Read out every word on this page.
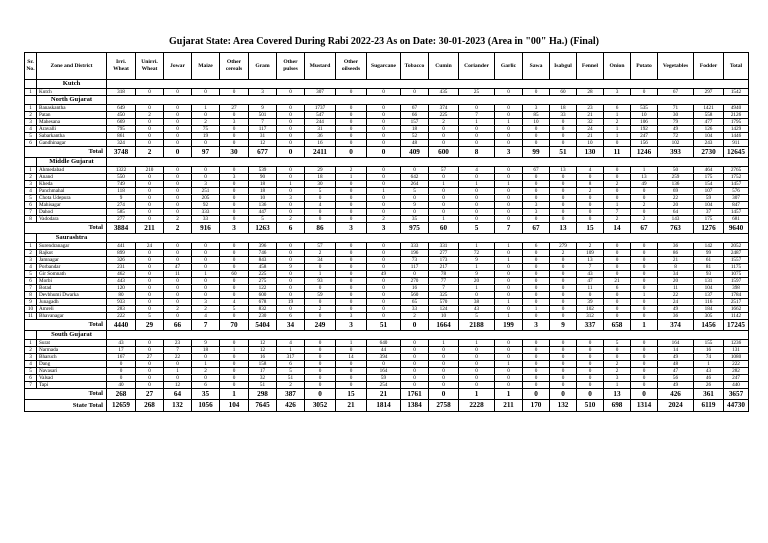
Gujarat State: Area Covered During Rabi 2022-23 As on Date: 30-01-2023 (Area in "00" Ha.) (Final)
Sr. No.	Zone and District	Irri. Wheat	Unirri. Wheat	Jowar	Maize	Other cereals	Gram	Other pulses	Mustard	Other oilseeds	Sugarcane	Tobacco	Cumin	Coriander	Garlic	Sawa	Isabgul	Fennel	Onion	Potato	Vegetables	Fodder	Total
	Kutch																						
1	Kutch	318	0	0	0	0	3	0	307	0	0	0	435	25	0	0	60	28	3	0	67	297	1542
	North Gujarat																						
1	Banaskantha	649	0	0	1	27	9	0	1737	0	0	67	374	0	0	3	18	23	6	535	71	1421	4940
2	Patan	450	2	0	0	0	501	0	547	0	0	66	225	7	0	85	33	21	1	10	30	558	2126
3	Mahesana	669	0	0	2	3	7	0	244	0	0	157	2	1	1	10	0	32	2	106	79	477	1795
4	Aravalli	795	0	0	75	0	117	0	31	0	0	18	0	0	0	0	0	24	1	192	49	126	1429
5	Sabarkantha	861	0	0	19	0	31	0	36	0	0	52	0	0	0	0	0	21	1	247	72	104	1446
6	Gandhinagar	324	0	0	0	0	12	0	16	0	0	48	0	0	0	0	0	10	0	156	102	243	911
Total		3748	2	0	97	30	677	0	2411	0	0	409	600	8	3	99	51	130	11	1246	393	2730	12645
	Middle Gujarat																						
1	Ahmedabad	1322	210	0	0	0	539	0	29	2	0	0	57	4	0	67	13	4	0	1	50	464	2765
2	Anand	550	0	0	0	3	90	0	18	1	0	642	0	0	0	0	0	0	0	13	259	175	1752
3	Kheda	749	0	0	3	0	18	1	30	0	0	264	1	1	1	0	0	8	2	49	136	154	1457
4	Panchmahal	118	0	0	251	0	18	0	5	0	1	5	0	0	0	0	0	2	0	0	69	107	576
5	Chota Udepura	9	0	0	205	0	10	3	0	0	0	0	0	0	0	0	0	0	0	0	22	59	307
6	Mahisagar	274	0	0	92	0	136	0	4	0	0	9	0	0	0	3	0	0	1	2	20	104	847
7	Dahod	585	0	0	333	0	447	0	0	0	0	0	0	0	0	3	0	0	7	0	64	37	1457
8	Vadodara	277	0	2	33	0	5	2	0	0	2	35	1	0	0	0	0	0	2	2	143	175	681
Total		3884	211	2	916	3	1263	6	86	3	3	975	60	5	7	67	13	15	14	67	763	1276	9640
	Saurashtra																						
1	Surendranagar	441	24	0	0	0	396	0	57	0	0	333	331	1	1	6	279	2	0	0	36	142	2052
2	Rajkot	899	0	0	0	0	746	0	2	0	0	196	277	72	0	0	2	109	0	0	86	99	2487
3	Jamnagar	326	0	0	0	0	843	0	34	0	0	73	173	9	1	0	0	13	0	0	21	61	1557
4	Porbandar	231	0	47	0	0	458	9	0	0	0	117	217	1	0	0	0	7	0	0	8	81	1175
5	Gir Somnath	462	0	11	1	60	225	0	1	0	49	0	78	9	0	0	0	43	0	0	34	93	1075
6	Morbi	443	0	0	0	0	275	0	93	0	0	270	77	20	0	0	0	47	21	0	20	131	1597
7	Botad	120	0	0	0	0	122	0	0	0	0	16	7	1	0	0	0	11	6	0	11	104	398
8	Devbhumi Dwarka	80	0	0	0	0	600	0	59	0	0	560	325	0	0	0	0	0	0	1	22	137	1784
9	Junagadh	933	0	0	3	4	678	19	0	0	0	65	570	38	1	0	0	39	0	0	24	116	2517
10	Amreli	283	0	2	2	5	832	0	2	0	0	33	124	43	0	1	0	102	0	0	49	184	1662
11	Bhavanagar	222	5	0	4	0	230	6	0	3	0	2	10	5	1	0	0	312	0	0	36	305	1142
Total		4440	29	66	7	70	5404	34	249	3	51	0	1664	2188	199	3	9	337	658	1	374	1456	17245
	South Gujarat																						
1	Surat	43	0	23	9	0	12	4	0	1	640	0	1	1	0	0	0	0	5	0	164	155	1236
2	Narmada	17	0	7	18	1	12	1	0	0	44	0	0	0	0	0	0	0	0	0	14	16	131
3	Bharuch	167	27	22	0	0	16	317	0	14	394	0	0	0	0	0	0	0	0	0	49	74	1080
4	Dang	0	0	0	1	0	158	6	0	0	0	0	0	0	1	0	0	0	2	0	48	1	222
5	Navasari	0	0	1	2	0	17	5	0	0	164	0	0	0	0	0	0	0	2	0	47	43	282
6	Valsad	0	0	0	0	0	32	51	0	0	59	0	0	0	0	0	0	0	3	0	56	46	247
7	Tapi	40	0	12	6	0	51	2	0	0	254	0	0	0	0	0	0	0	1	0	49	26	440
Total		268	27	64	35	1	298	387	0	15	21	1761	0	1	1	0	0	0	13	0	426	361	3657
State Total		12659	268	132	1056	104	7645	426	3052	21	1814	1384	2758	2228	211	170	132	510	698	1314	2024	6119	44730
